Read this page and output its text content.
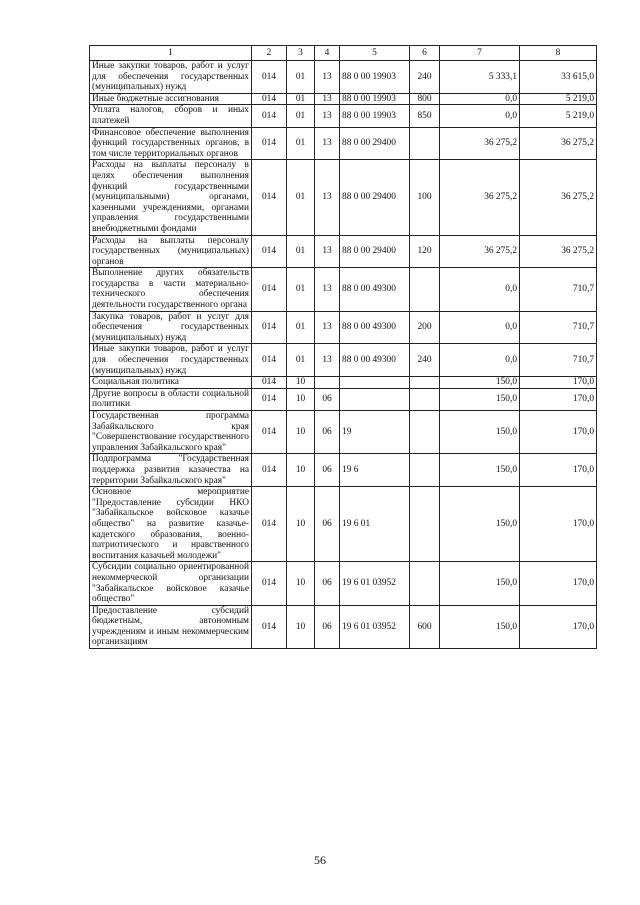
1	2	3	4	5	6	7	8
Иные закупки товаров, работ и услуг для обеспечения государственных (муниципальных) нужд	014	01	13	88 0 00 19903	240	5 333,1	33 615,0
Иные бюджетные ассигнования	014	01	13	88 0 00 19903	800	0,0	5 219,0
Уплата налогов, сборов и иных платежей	014	01	13	88 0 00 19903	850	0,0	5 219,0
Финансовое обеспечение выполнения функций государственных органов, в том числе территориальных органов	014	01	13	88 0 00 29400		36 275,2	36 275,2
Расходы на выплаты персоналу в целях обеспечения выполнения функций государственными (муниципальными) органами, казенными учреждениями, органами управления государственными внебюджетными фондами	014	01	13	88 0 00 29400	100	36 275,2	36 275,2
Расходы на выплаты персоналу государственных (муниципальных) органов	014	01	13	88 0 00 29400	120	36 275,2	36 275,2
Выполнение других обязательств государства в части материально-технического обеспечения деятельности государственного органа	014	01	13	88 0 00 49300		0,0	710,7
Закупка товаров, работ и услуг для обеспечения государственных (муниципальных) нужд	014	01	13	88 0 00 49300	200	0,0	710,7
Иные закупки товаров, работ и услуг для обеспечения государственных (муниципальных) нужд	014	01	13	88 0 00 49300	240	0,0	710,7
Социальная политика	014	10				150,0	170,0
Другие вопросы в области социальной политики	014	10	06			150,0	170,0
Государственная программа Забайкальского края "Совершенствование государственного управления Забайкальского края"	014	10	06	19		150,0	170,0
Подпрограмма "Государственная поддержка развития казачества на территории Забайкальского края"	014	10	06	19 6		150,0	170,0
Основное мероприятие "Предоставление субсидии НКО "Забайкальское войсковое казачье общество" на развитие казачье-кадетского образования, военно-патриотического и нравственного воспитания казачьей молодежи"	014	10	06	19 6 01		150,0	170,0
Субсидии социально ориентированной некоммерческой организации "Забайкальское войсковое казачье общество"	014	10	06	19 6 01 03952		150,0	170,0
Предоставление субсидий бюджетным, автономным учреждениям и иным некоммерческим организациям	014	10	06	19 6 01 03952	600	150,0	170,0
56
